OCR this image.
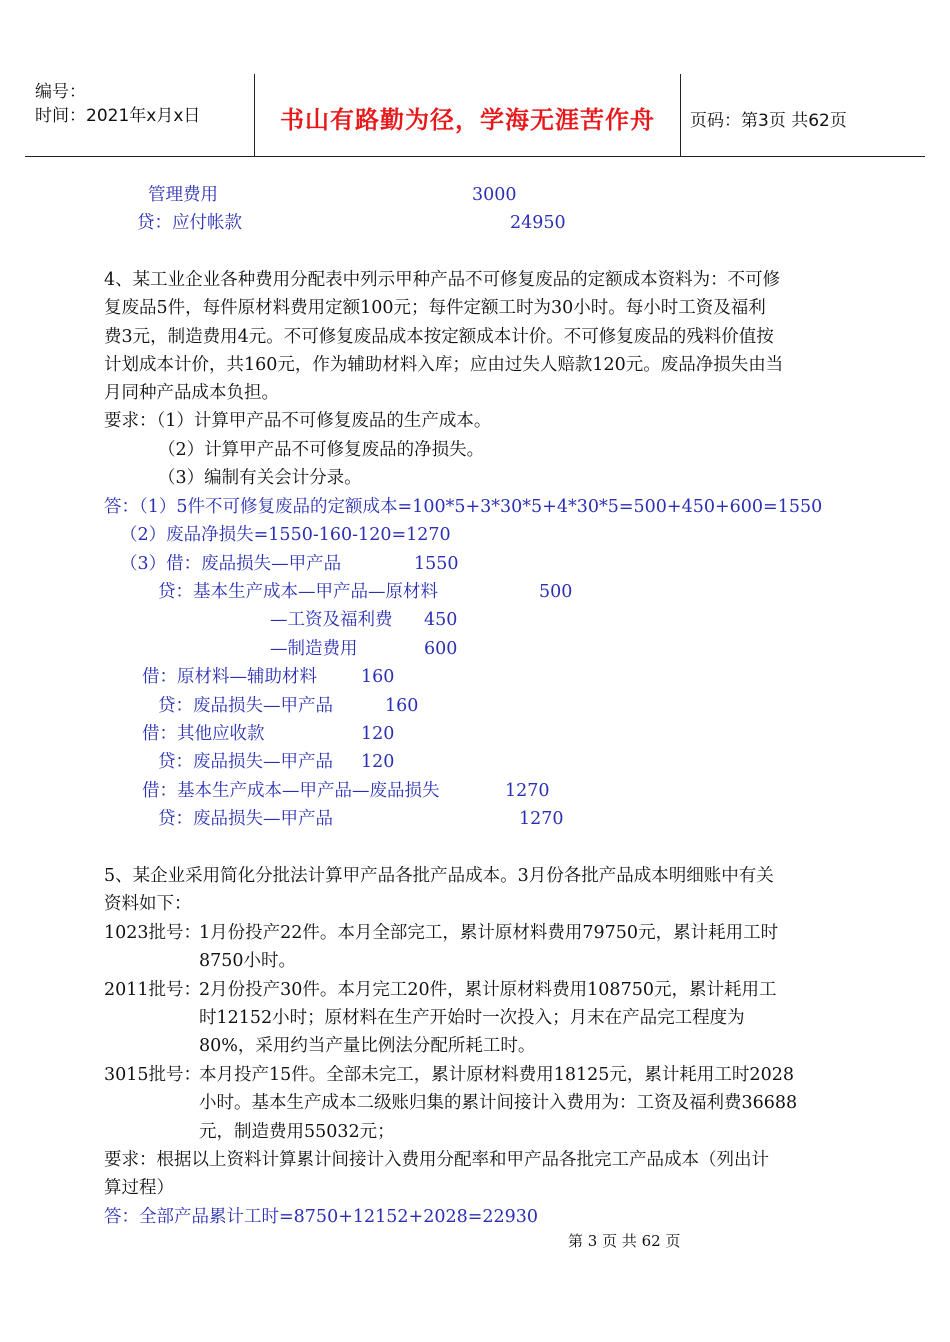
编号：
时间：2021年x月x日	书山有路勤为径，学海无涯苦作舟	页码：第3页 共62页
管理费用	3000
贷：应付帐款	24950
4、某工业企业各种费用分配表中列示甲种产品不可修复废品的定额成本资料为：不可修
复废品5件，每件原材料费用定额100元；每件定额工时为30小时。每小时工资及福利
费3元，制造费用4元。不可修复废品成本按定额成本计价。不可修复废品的残料价值按
计划成本计价，共160元，作为辅助材料入库；应由过失人赔款120元。废品净损失由当
月同种产品成本负担。
要求：（1）计算甲产品不可修复废品的生产成本。
（2）计算甲产品不可修复废品的净损失。
（3）编制有关会计分录。
答：（1）5件不可修复废品的定额成本=100*5+3*30*5+4*30*5=500+450+600=1550
（2）废品净损失=1550-160-120=1270
（3）借：废品损失—甲产品	1550
贷：基本生产成本—甲产品—原材料	500
—工资及福利费 450
—制造费用	600
借：原材料—辅助材料	160
贷：废品损失—甲产品	160
借：其他应收款	120
贷：废品损失—甲产品 120
借：基本生产成本—甲产品—废品损失	1270
贷：废品损失—甲产品	1270
5、某企业采用简化分批法计算甲产品各批产品成本。3月份各批产品成本明细账中有关
资料如下：
1023批号：
1月份投产22件。本月全部完工，累计原材料费用79750元，累计耗用工时
8750小时。
2011批号：
2月份投产30件。本月完工20件，累计原材料费用108750元，累计耗用工
时12152小时；原材料在生产开始时一次投入；月末在产品完工程度为
80%，采用约当产量比例法分配所耗工时。
3015批号：
本月投产15件。全部未完工，累计原材料费用18125元，累计耗用工时2028
小时。基本生产成本二级账归集的累计间接计入费用为：工资及福利费36688
元，制造费用55032元；
要求：根据以上资料计算累计间接计入费用分配率和甲产品各批完工产品成本（列出计
算过程）
答：全部产品累计工时=8750+12152+2028=22930
第 3 页 共 62 页
